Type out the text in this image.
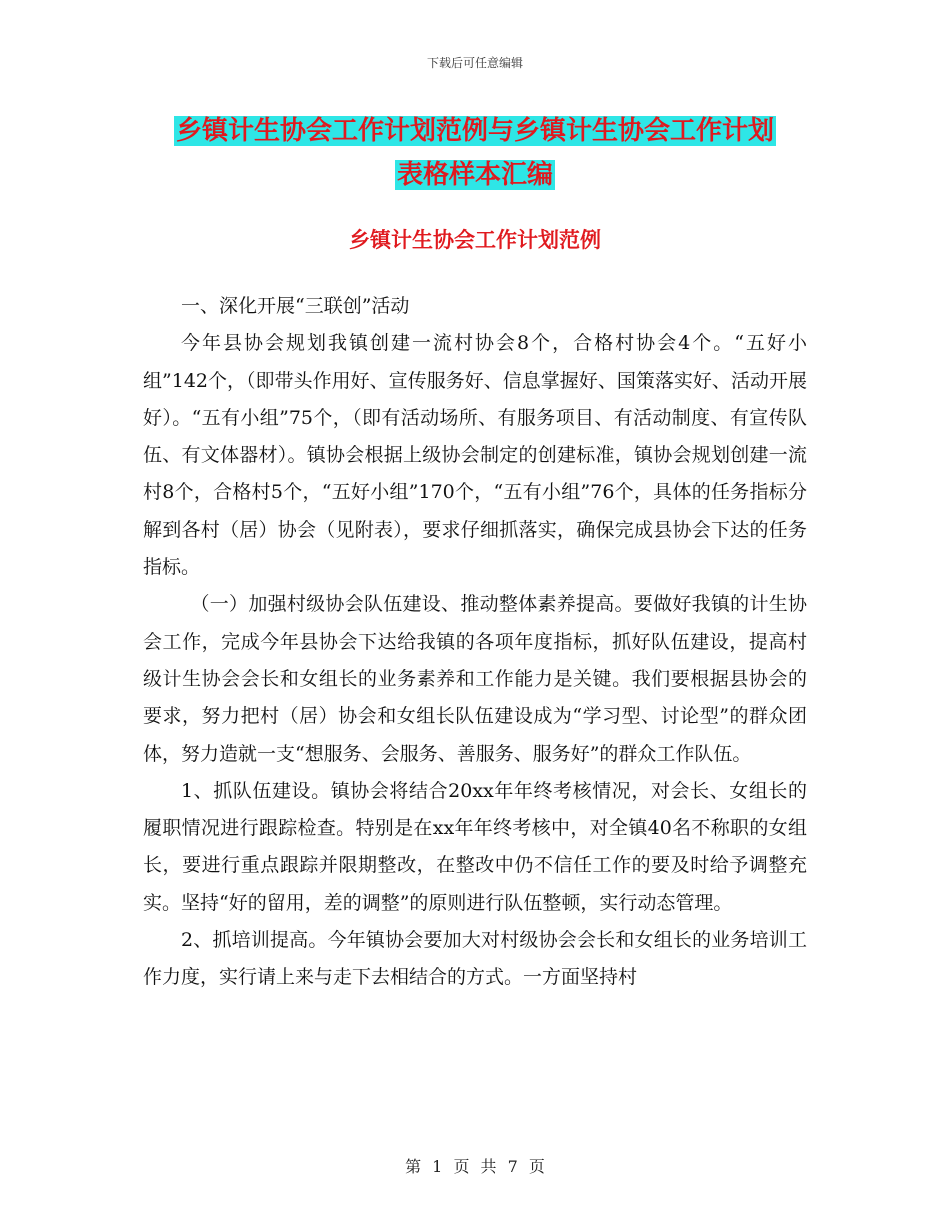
下载后可任意编辑
乡镇计生协会工作计划范例与乡镇计生协会工作计划
表格样本汇编
乡镇计生协会工作计划范例

一、深化开展“三联创”活动

今年县协会规划我镇创建一流村协会8个，合格村协会4个。“五好小组”142个，（即带头作用好、宣传服务好、信息掌握好、国策落实好、活动开展好）。“五有小组”75个，（即有活动场所、有服务项目、有活动制度、有宣传队伍、有文体器材）。镇协会根据上级协会制定的创建标准，镇协会规划创建一流村8个，合格村5个，“五好小组”170个，“五有小组”76个，具体的任务指标分解到各村（居）协会（见附表），要求仔细抓落实，确保完成县协会下达的任务指标。

（一）加强村级协会队伍建设、推动整体素养提高。要做好我镇的计生协会工作，完成今年县协会下达给我镇的各项年度指标，抓好队伍建设，提高村级计生协会会长和女组长的业务素养和工作能力是关键。我们要根据县协会的要求，努力把村（居）协会和女组长队伍建设成为“学习型、讨论型”的群众团体，努力造就一支“想服务、会服务、善服务、服务好”的群众工作队伍。

1、抓队伍建设。镇协会将结合20xx年年终考核情况，对会长、女组长的履职情况进行跟踪检查。特别是在xx年年终考核中，对全镇40名不称职的女组长，要进行重点跟踪并限期整改，在整改中仍不信任工作的要及时给予调整充实。坚持“好的留用，差的调整”的原则进行队伍整顿，实行动态管理。

2、抓培训提高。今年镇协会要加大对村级协会会长和女组长的业务培训工作力度，实行请上来与走下去相结合的方式。一方面坚持村

第 1 页 共 7 页
